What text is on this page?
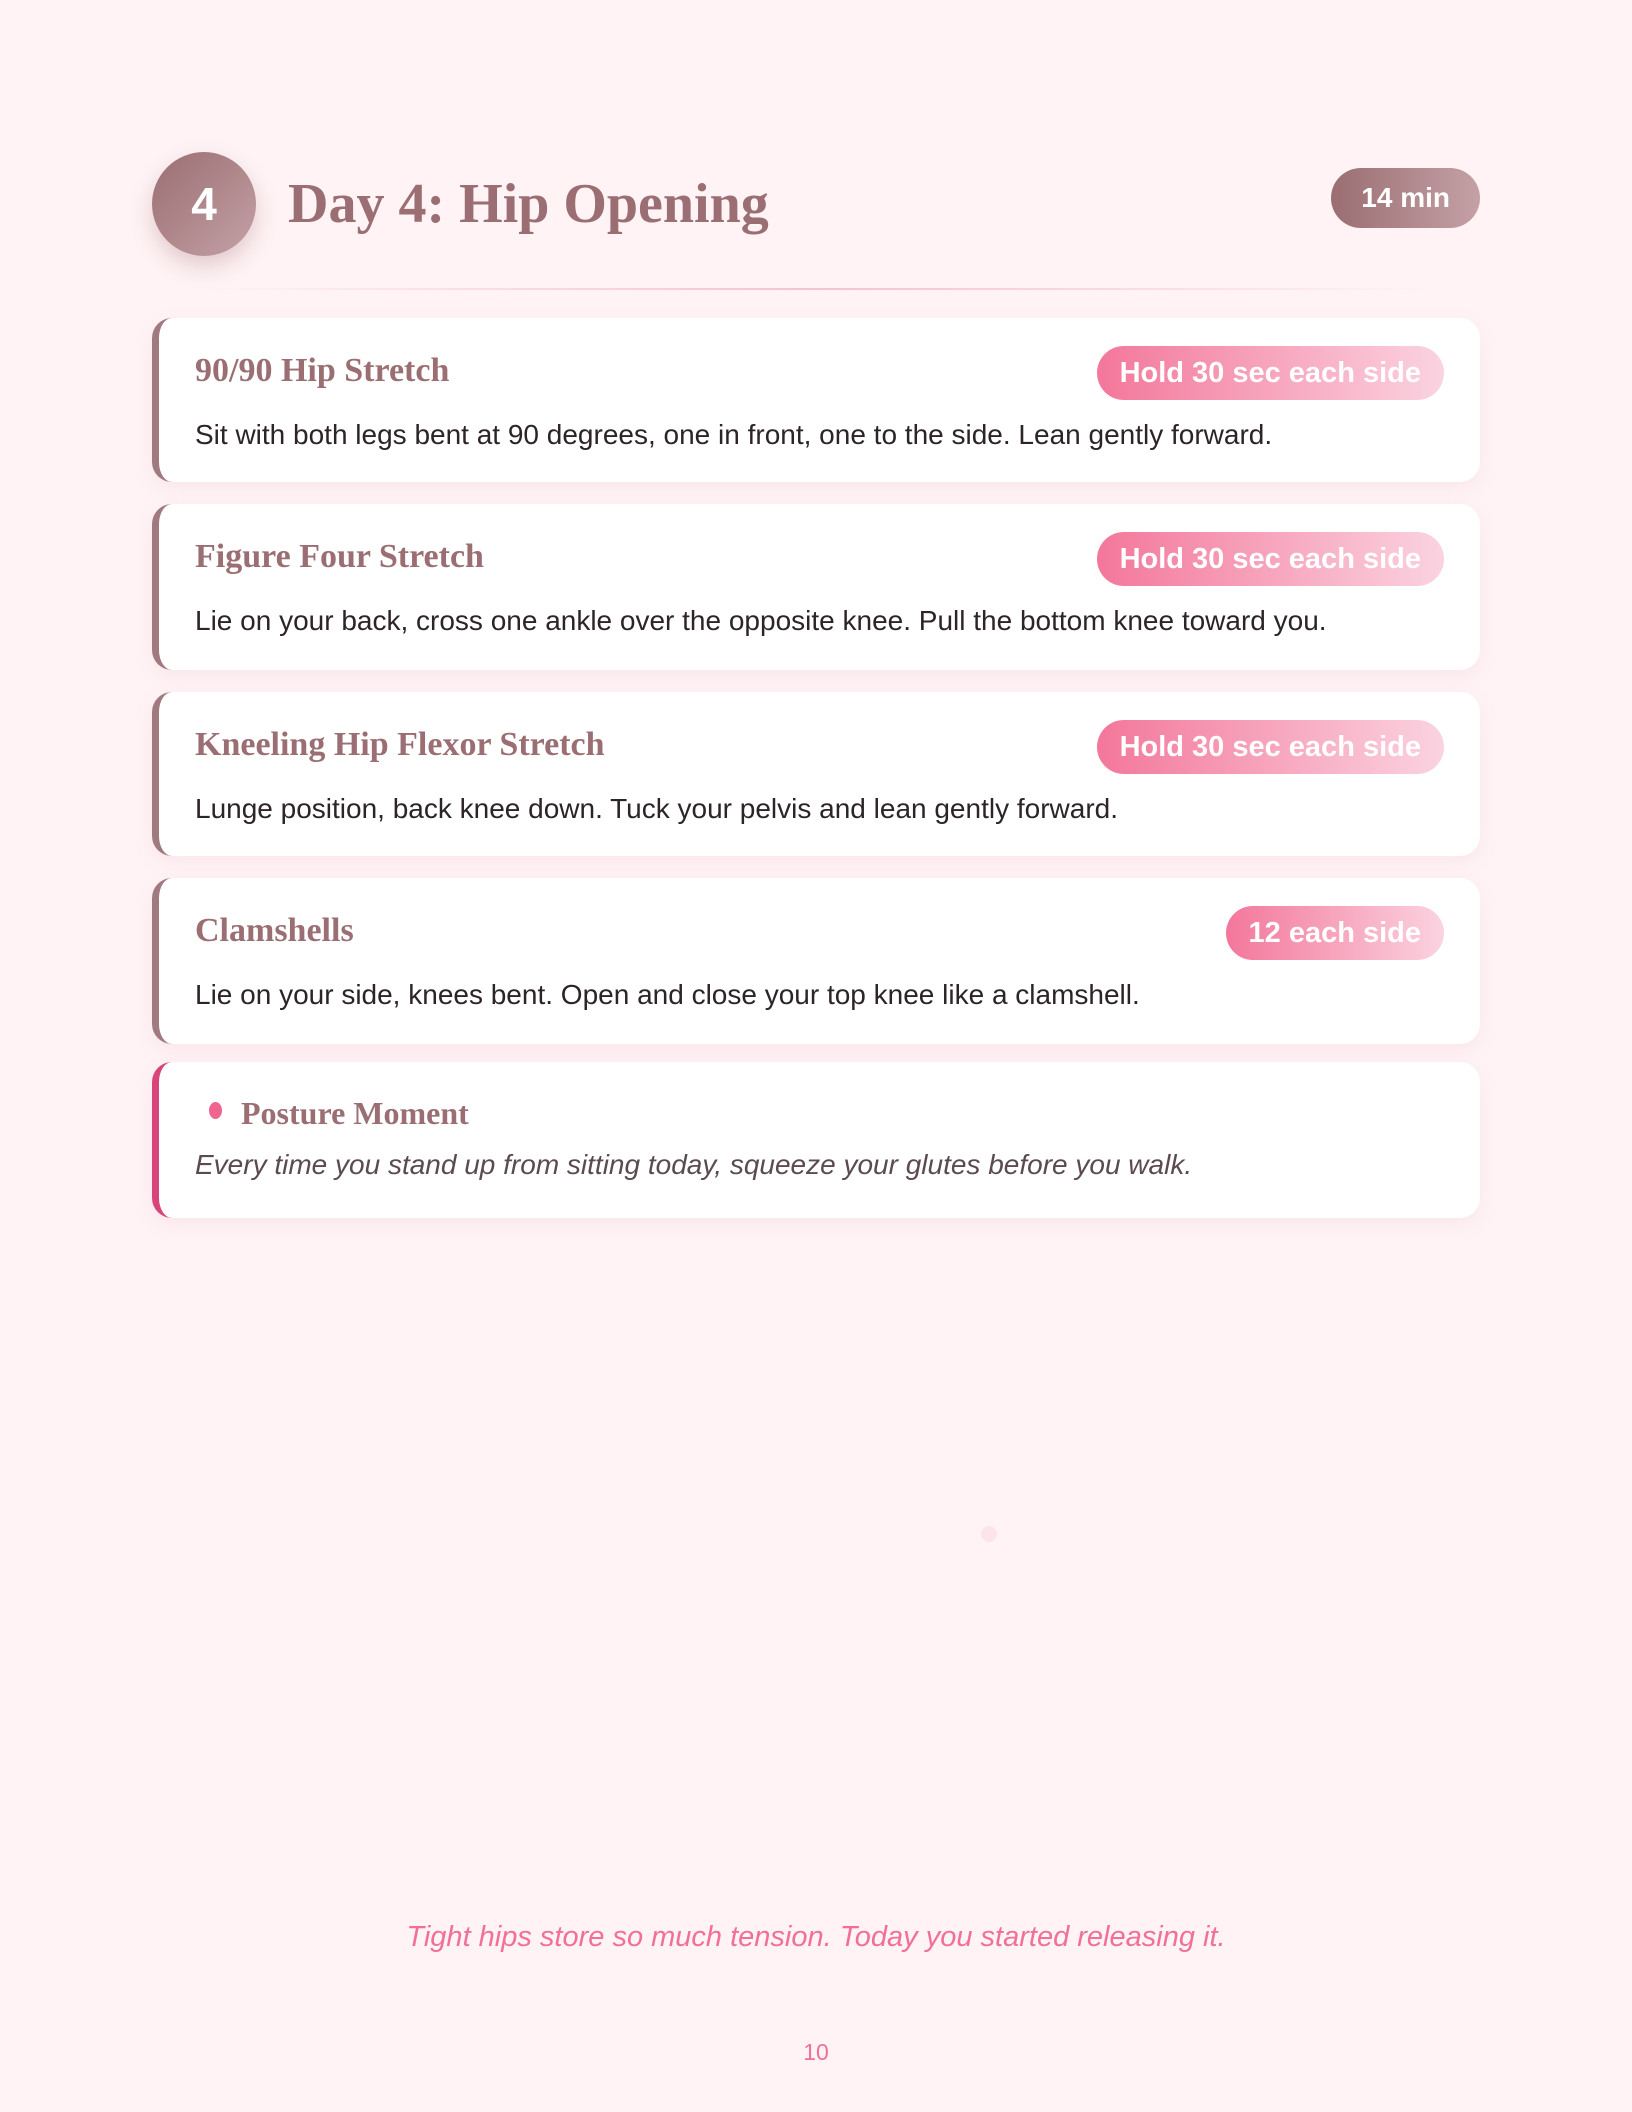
4	Day 4: Hip Opening	14 min
90/90 Hip Stretch	Hold 30 sec each side

Sit with both legs bent at 90 degrees, one in front, one to the side. Lean gently forward.

Figure Four Stretch	Hold 30 sec each side

Lie on your back, cross one ankle over the opposite knee. Pull the bottom knee toward you.

Kneeling Hip Flexor Stretch	Hold 30 sec each side

Lunge position, back knee down. Tuck your pelvis and lean gently forward.

Clamshells	12 each side

Lie on your side, knees bent. Open and close your top knee like a clamshell.

Posture Moment

Every time you stand up from sitting today, squeeze your glutes before you walk.

Tight hips store so much tension. Today you started releasing it.

10
